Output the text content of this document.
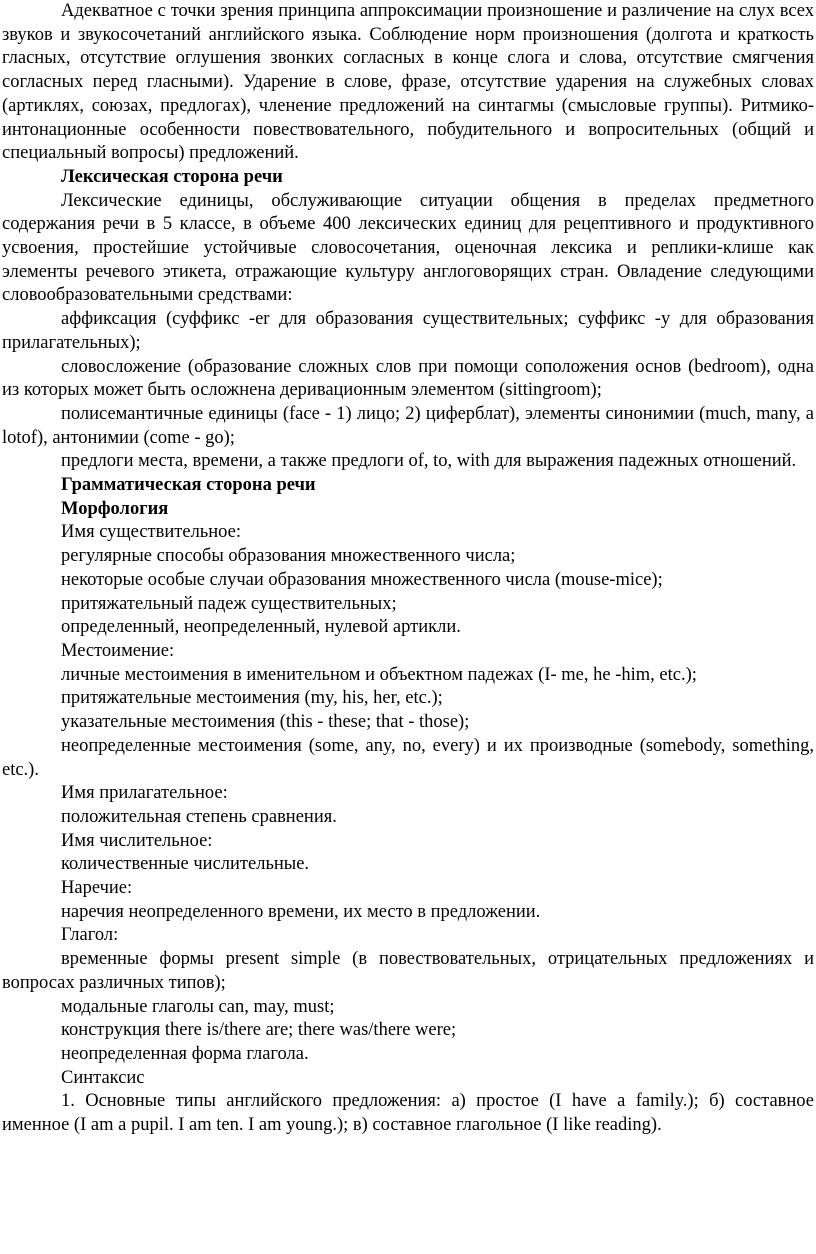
Адекватное с точки зрения принципа аппроксимации произношение и различение на слух всех звуков и звукосочетаний английского языка. Соблюдение норм произношения (долгота и краткость гласных, отсутствие оглушения звонких согласных в конце слога и слова, отсутствие смягчения согласных перед гласными). Ударение в слове, фразе, отсутствие ударения на служебных словах (артиклях, союзах, предлогах), членение предложений на синтагмы (смысловые группы). Ритмико-интонационные особенности повествовательного, побудительного и вопросительных (общий и специальный вопросы) предложений.

Лексическая сторона речи

Лексические единицы, обслуживающие ситуации общения в пределах предметного содержания речи в 5 классе, в объеме 400 лексических единиц для рецептивного и продуктивного усвоения, простейшие устойчивые словосочетания, оценочная лексика и реплики-клише как элементы речевого этикета, отражающие культуру англоговорящих стран. Овладение следующими словообразовательными средствами:

аффиксация (суффикс -er для образования существительных; суффикс -y для образования прилагательных);

словосложение (образование сложных слов при помощи соположения основ (bedroom), одна из которых может быть осложнена деривационным элементом (sittingroom);

полисемантичные единицы (face - 1) лицо; 2) циферблат), элементы синонимии (much, many, a lotof), антонимии (come - go);

предлоги места, времени, а также предлоги of, to, with для выражения падежных отношений.

Грамматическая сторона речи

Морфология

Имя существительное:

регулярные способы образования множественного числа;

некоторые особые случаи образования множественного числа (mouse-mice);

притяжательный падеж существительных;

определенный, неопределенный, нулевой артикли.

Местоимение:

личные местоимения в именительном и объектном падежах (I- me, he -him, etc.);

притяжательные местоимения (my, his, her, etc.);

указательные местоимения (this - these; that - those);

неопределенные местоимения (some, any, no, every) и их производные (somebody, something, etc.).

Имя прилагательное:

положительная степень сравнения.

Имя числительное:

количественные числительные.

Наречие:

наречия неопределенного времени, их место в предложении.

Глагол:

временные формы present simple (в повествовательных, отрицательных предложениях и вопросах различных типов);

модальные глаголы can, may, must;

конструкция there is/there are; there was/there were;

неопределенная форма глагола.

Синтаксис

1. Основные типы английского предложения: а) простое (I have a family.); б) составное именное (I am a pupil. I am ten. I am young.); в) составное глагольное (I like reading).
